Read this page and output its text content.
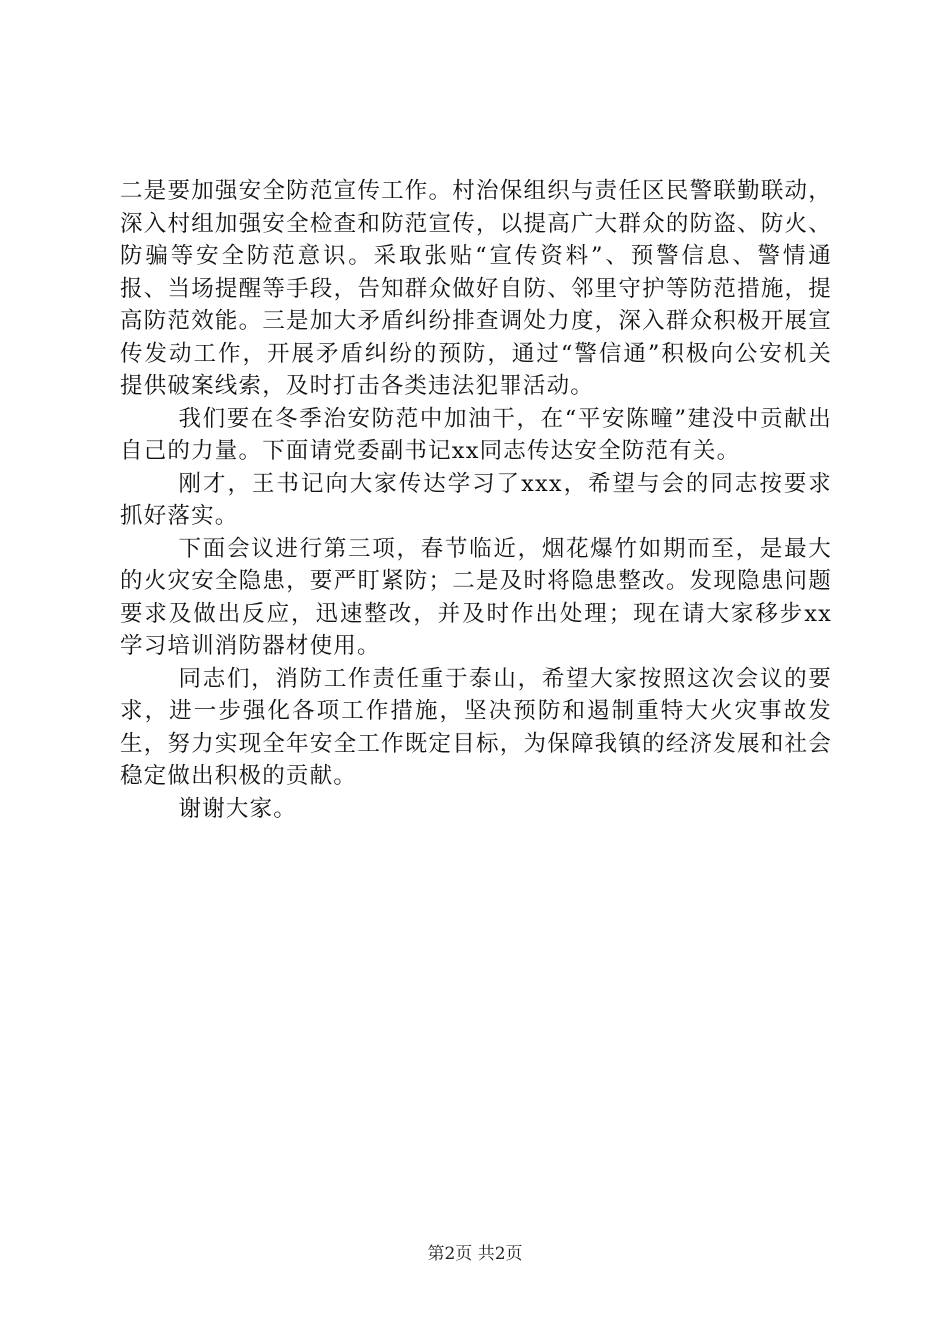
二是要加强安全防范宣传工作。村治保组织与责任区民警联勤联动，深入村组加强安全检查和防范宣传，以提高广大群众的防盗、防火、防骗等安全防范意识。采取张贴“宣传资料”、预警信息、警情通报、当场提醒等手段，告知群众做好自防、邻里守护等防范措施，提高防范效能。三是加大矛盾纠纷排查调处力度，深入群众积极开展宣传发动工作，开展矛盾纠纷的预防，通过“警信通”积极向公安机关提供破案线索，及时打击各类违法犯罪活动。

我们要在冬季治安防范中加油干，在“平安陈疃”建没中贡献出自己的力量。下面请党委副书记xx同志传达安全防范有关。

刚才，王书记向大家传达学习了xxx，希望与会的同志按要求抓好落实。

下面会议进行第三项，春节临近，烟花爆竹如期而至，是最大的火灾安全隐患，要严盯紧防；二是及时将隐患整改。发现隐患问题要求及做出反应，迅速整改，并及时作出处理；现在请大家移步xx学习培训消防器材使用。

同志们，消防工作责任重于泰山，希望大家按照这次会议的要求，进一步强化各项工作措施，坚决预防和遏制重特大火灾事故发生，努力实现全年安全工作既定目标，为保障我镇的经济发展和社会稳定做出积极的贡献。

谢谢大家。

第2页 共2页
